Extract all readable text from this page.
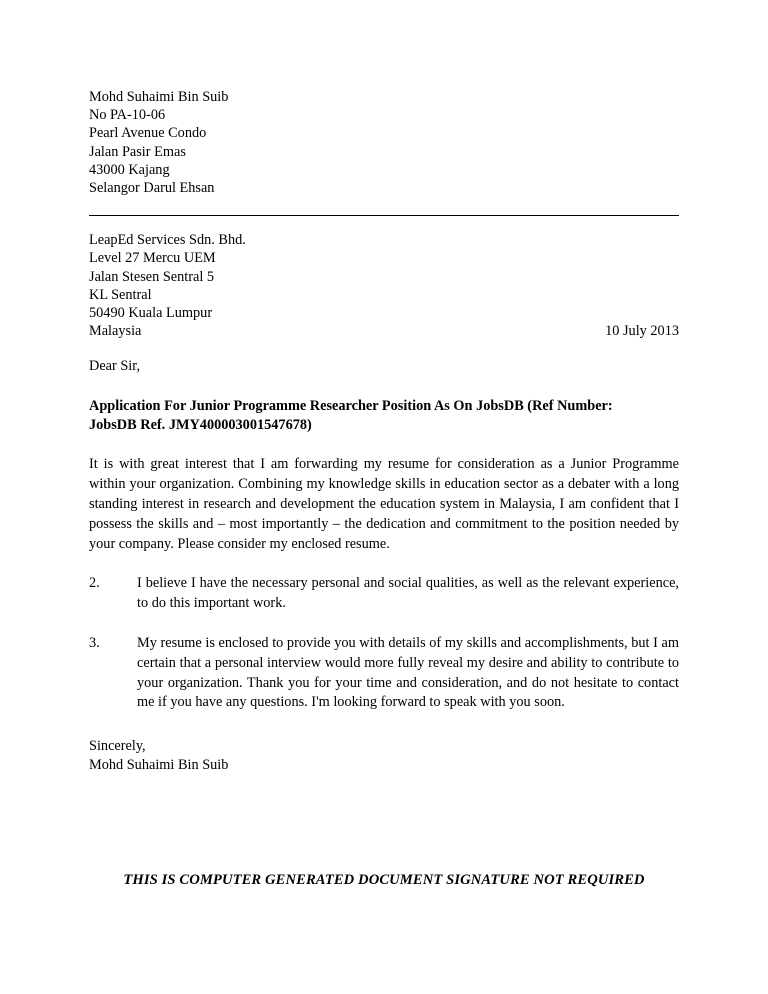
Mohd Suhaimi Bin Suib
No PA-10-06
Pearl Avenue Condo
Jalan Pasir Emas
43000 Kajang
Selangor Darul Ehsan
LeapEd Services Sdn. Bhd.
Level 27 Mercu UEM
Jalan Stesen Sentral 5
KL Sentral
50490 Kuala Lumpur
Malaysia	10 July 2013
Dear Sir,
Application For Junior Programme Researcher Position As On JobsDB (Ref Number: JobsDB Ref. JMY400003001547678)
It is with great interest that I am forwarding my resume for consideration as a Junior Programme within your organization. Combining my knowledge skills in education sector as a debater with a long standing interest in research and development the education system in Malaysia, I am confident that I possess the skills and – most importantly – the dedication and commitment to the position needed by your company. Please consider my enclosed resume.
2.	I believe I have the necessary personal and social qualities, as well as the relevant experience, to do this important work.
3.	My resume is enclosed to provide you with details of my skills and accomplishments, but I am certain that a personal interview would more fully reveal my desire and ability to contribute to your organization. Thank you for your time and consideration, and do not hesitate to contact me if you have any questions. I'm looking forward to speak with you soon.
Sincerely,
Mohd Suhaimi Bin Suib
THIS IS COMPUTER GENERATED DOCUMENT SIGNATURE NOT REQUIRED
